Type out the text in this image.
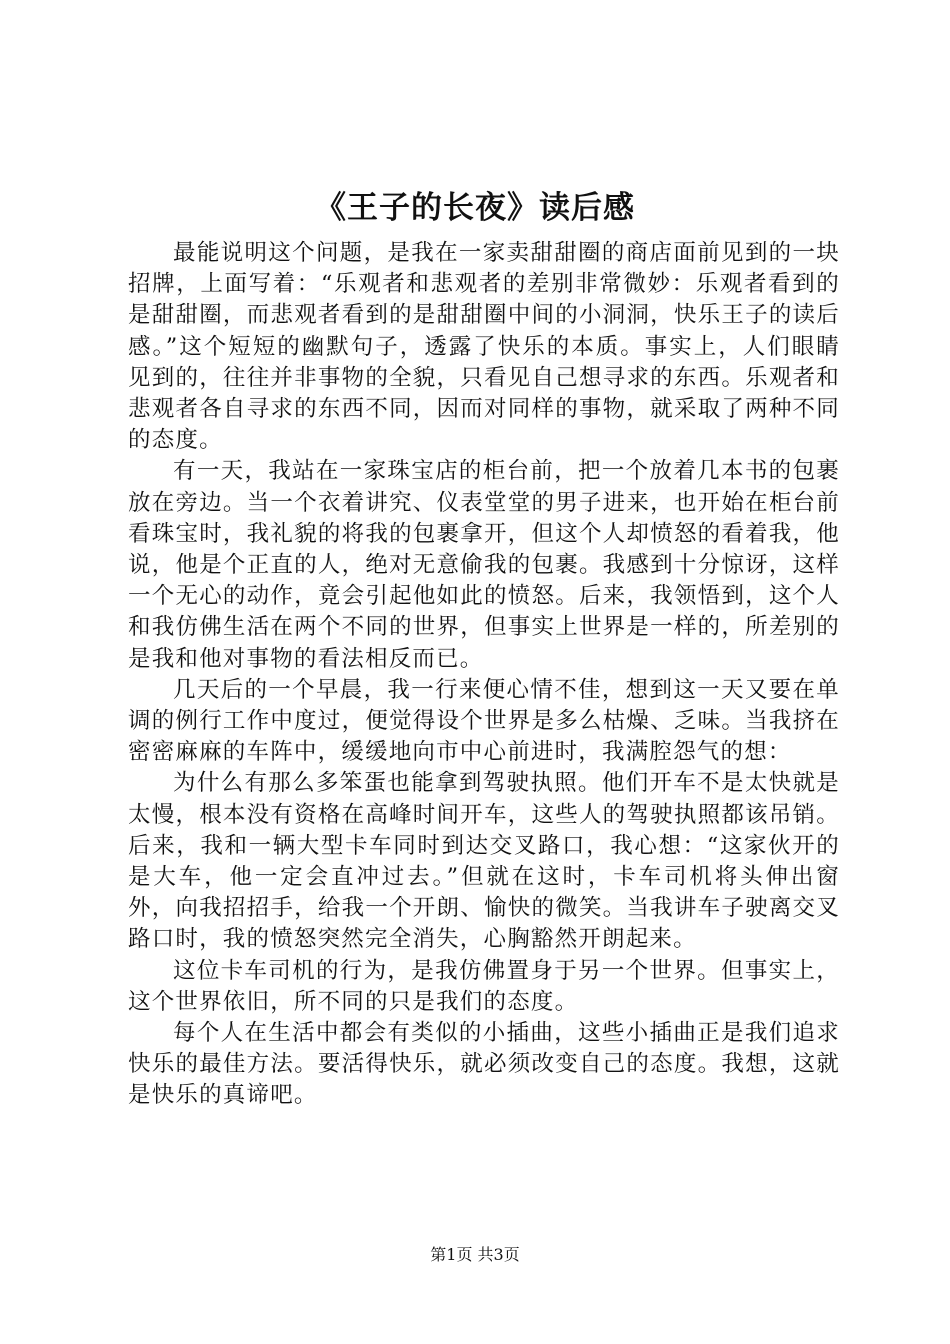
《王子的长夜》读后感

最能说明这个问题，是我在一家卖甜甜圈的商店面前见到的一块招牌，上面写着：“乐观者和悲观者的差别非常微妙：乐观者看到的是甜甜圈，而悲观者看到的是甜甜圈中间的小洞洞，快乐王子的读后感。”这个短短的幽默句子，透露了快乐的本质。事实上，人们眼睛见到的，往往并非事物的全貌，只看见自己想寻求的东西。乐观者和悲观者各自寻求的东西不同，因而对同样的事物，就采取了两种不同的态度。

有一天，我站在一家珠宝店的柜台前，把一个放着几本书的包裹放在旁边。当一个衣着讲究、仪表堂堂的男子进来，也开始在柜台前看珠宝时，我礼貌的将我的包裹拿开，但这个人却愤怒的看着我，他说，他是个正直的人，绝对无意偷我的包裹。我感到十分惊讶，这样一个无心的动作，竟会引起他如此的愤怒。后来，我领悟到，这个人和我仿佛生活在两个不同的世界，但事实上世界是一样的，所差别的是我和他对事物的看法相反而已。

几天后的一个早晨，我一行来便心情不佳，想到这一天又要在单调的例行工作中度过，便觉得设个世界是多么枯燥、乏味。当我挤在密密麻麻的车阵中，缓缓地向市中心前进时，我满腔怨气的想：

为什么有那么多笨蛋也能拿到驾驶执照。他们开车不是太快就是太慢，根本没有资格在高峰时间开车，这些人的驾驶执照都该吊销。后来，我和一辆大型卡车同时到达交叉路口，我心想：“这家伙开的是大车，他一定会直冲过去。”但就在这时，卡车司机将头伸出窗外，向我招招手，给我一个开朗、愉快的微笑。当我讲车子驶离交叉路口时，我的愤怒突然完全消失，心胸豁然开朗起来。

这位卡车司机的行为，是我仿佛置身于另一个世界。但事实上，这个世界依旧，所不同的只是我们的态度。

每个人在生活中都会有类似的小插曲，这些小插曲正是我们追求快乐的最佳方法。要活得快乐，就必须改变自己的态度。我想，这就是快乐的真谛吧。

第1页 共3页
